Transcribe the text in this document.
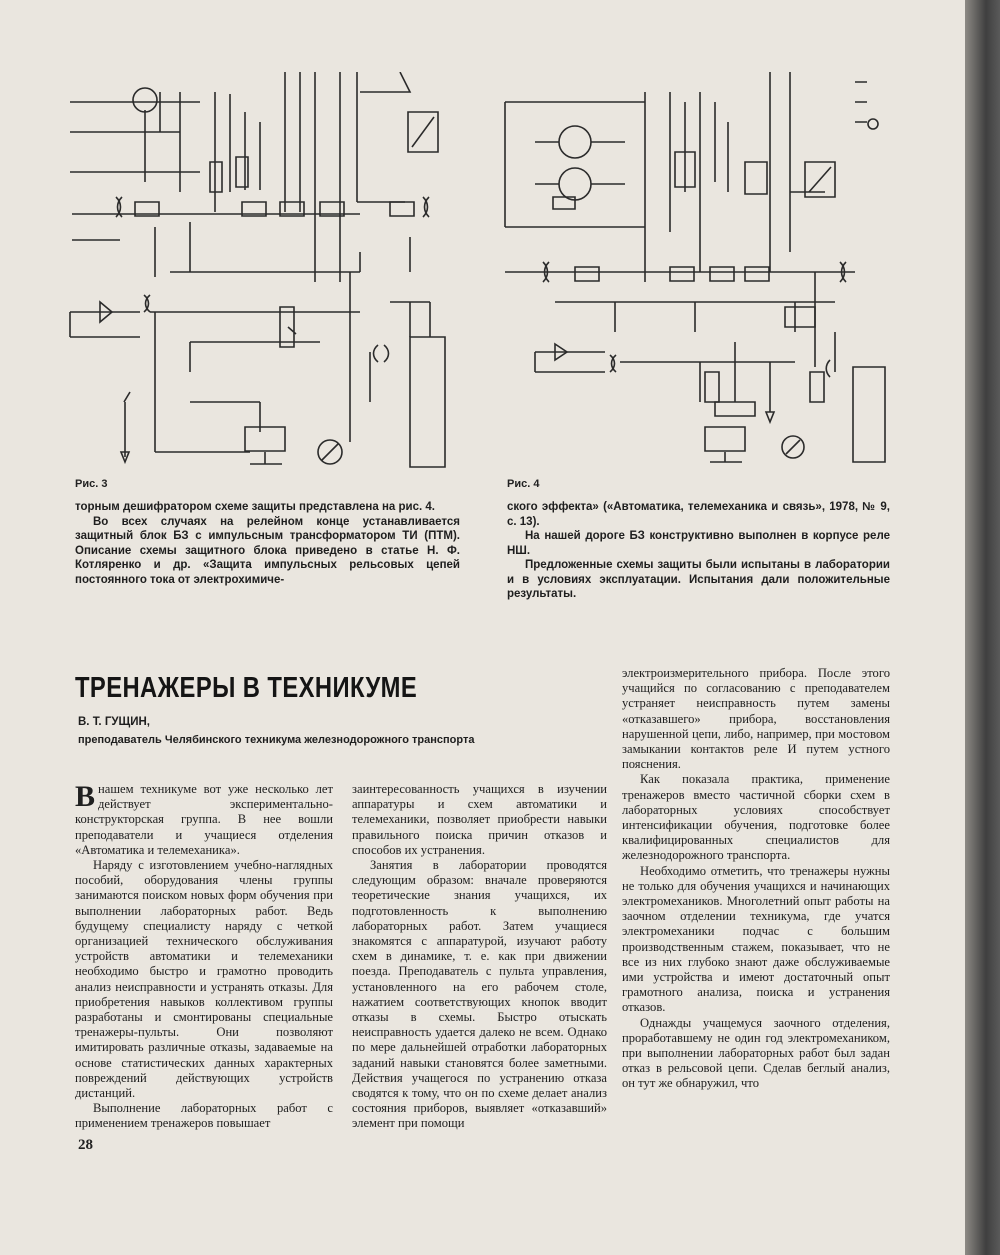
Рис. 3	Рис. 4

торным дешифратором схеме защиты представлена на рис. 4.

Во всех случаях на релейном конце устанавливается защитный блок БЗ с импульсным трансформатором ТИ (ПТМ). Описание схемы защитного блока приведено в статье Н. Ф. Котляренко и др. «Защита импульсных рельсовых цепей постоянного тока от электрохимиче-

ского эффекта» («Автоматика, телемеханика и связь», 1978, № 9, с. 13).

На нашей дороге БЗ конструктивно выполнен в корпусе реле НШ.

Предложенные схемы защиты были испытаны в лаборатории и в условиях эксплуатации. Испытания дали положительные результаты.

ТРЕНАЖЕРЫ В ТЕХНИКУМЕ
В. Т. ГУЩИН,
преподаватель Челябинского техникума железнодорожного транспорта

электроизмерительного прибора. После этого учащийся по согласованию с преподавателем устраняет неисправность путем замены «отказавшего» прибора, восстановления нарушенной цепи, либо, например, при мостовом замыкании контактов реле И путем устного пояснения.

Как показала практика, применение тренажеров вместо частичной сборки схем в лабораторных условиях способствует интенсификации обучения, подготовке более квалифицированных специалистов для железнодорожного транспорта.

Необходимо отметить, что тренажеры нужны не только для обучения учащихся и начинающих электромехаников. Многолетний опыт работы на заочном отделении техникума, где учатся электромеханики подчас с большим производственным стажем, показывает, что не все из них глубоко знают даже обслуживаемые ими устройства и имеют достаточный опыт грамотного анализа, поиска и устранения отказов.

Однажды учащемуся заочного отделения, проработавшему не один год электромехаником, при выполнении лабораторных работ был задан отказ в рельсовой цепи. Сделав беглый анализ, он тут же обнаружил, что

Внашем техникуме вот уже несколько лет действует экспериментально-конструкторская группа. В нее вошли преподаватели и учащиеся отделения «Автоматика и телемеханика».

Наряду с изготовлением учебно-наглядных пособий, оборудования члены группы занимаются поиском новых форм обучения при выполнении лабораторных работ. Ведь будущему специалисту наряду с четкой организацией технического обслуживания устройств автоматики и телемеханики необходимо быстро и грамотно проводить анализ неисправности и устранять отказы. Для приобретения навыков коллективом группы разработаны и смонтированы специальные тренажеры-пульты. Они позволяют имитировать различные отказы, задаваемые на основе статистических данных характерных повреждений действующих устройств дистанций.

Выполнение лабораторных работ с применением тренажеров повышает

заинтересованность учащихся в изучении аппаратуры и схем автоматики и телемеханики, позволяет приобрести навыки правильного поиска причин отказов и способов их устранения.

Занятия в лаборатории проводятся следующим образом: вначале проверяются теоретические знания учащихся, их подготовленность к выполнению лабораторных работ. Затем учащиеся знакомятся с аппаратурой, изучают работу схем в динамике, т. е. как при движении поезда. Преподаватель с пульта управления, установленного на его рабочем столе, нажатием соответствующих кнопок вводит отказы в схемы. Быстро отыскать неисправность удается далеко не всем. Однако по мере дальнейшей отработки лабораторных заданий навыки становятся более заметными. Действия учащегося по устранению отказа сводятся к тому, что он по схеме делает анализ состояния приборов, выявляет «отказавший» элемент при помощи

28
